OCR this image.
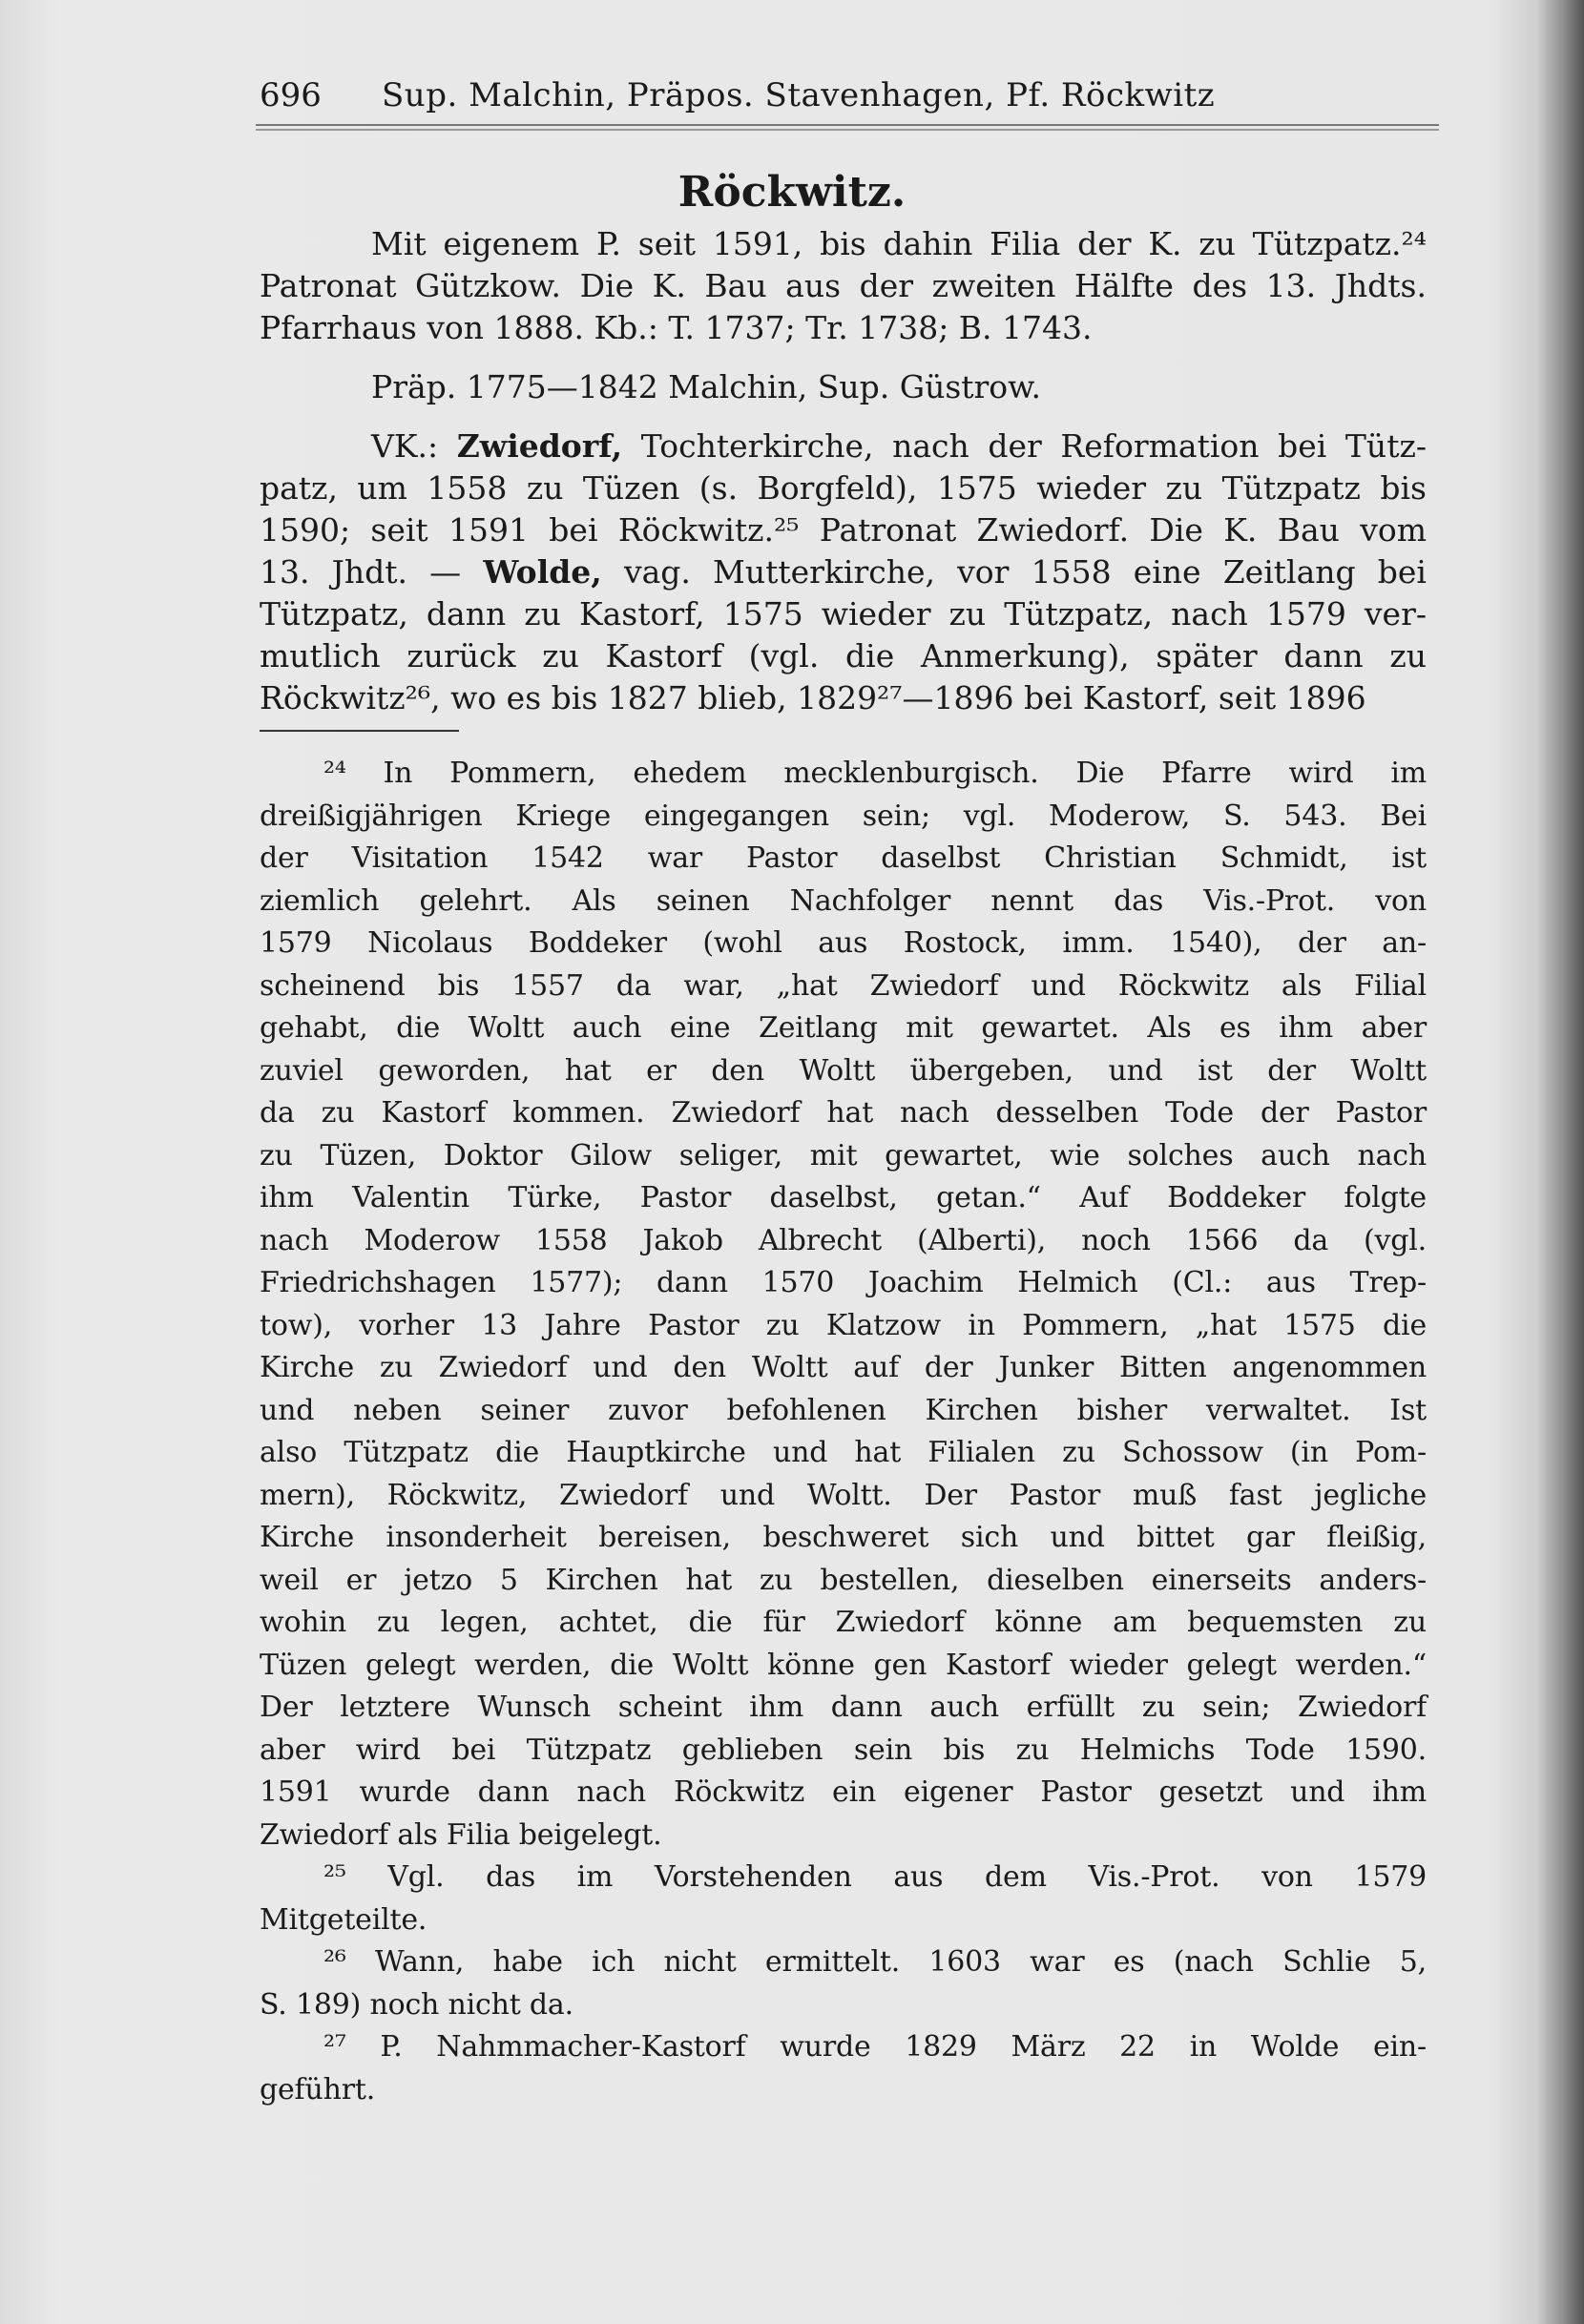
696 Sup. Malchin, Präpos. Stavenhagen, Pf. Röckwitz
Röckwitz.
Mit eigenem P. seit 1591, bis dahin Filia der K. zu Tützpatz.²⁴
Patronat Gützkow. Die K. Bau aus der zweiten Hälfte des 13. Jhdts.
Pfarrhaus von 1888. Kb.: T. 1737; Tr. 1738; B. 1743.
Präp. 1775—1842 Malchin, Sup. Güstrow.
VK.: Zwiedorf, Tochterkirche, nach der Reformation bei Tütz-
patz, um 1558 zu Tüzen (s. Borgfeld), 1575 wieder zu Tützpatz bis
1590; seit 1591 bei Röckwitz.²⁵ Patronat Zwiedorf. Die K. Bau vom
13. Jhdt. — Wolde, vag. Mutterkirche, vor 1558 eine Zeitlang bei
Tützpatz, dann zu Kastorf, 1575 wieder zu Tützpatz, nach 1579 ver-
mutlich zurück zu Kastorf (vgl. die Anmerkung), später dann zu
Röckwitz²⁶, wo es bis 1827 blieb, 1829²⁷—1896 bei Kastorf, seit 1896
²⁴ In Pommern, ehedem mecklenburgisch. Die Pfarre wird im
dreißigjährigen Kriege eingegangen sein; vgl. Moderow, S. 543. Bei
der Visitation 1542 war Pastor daselbst Christian Schmidt, ist
ziemlich gelehrt. Als seinen Nachfolger nennt das Vis.-Prot. von
1579 Nicolaus Boddeker (wohl aus Rostock, imm. 1540), der an-
scheinend bis 1557 da war, „hat Zwiedorf und Röckwitz als Filial
gehabt, die Woltt auch eine Zeitlang mit gewartet. Als es ihm aber
zuviel geworden, hat er den Woltt übergeben, und ist der Woltt
da zu Kastorf kommen. Zwiedorf hat nach desselben Tode der Pastor
zu Tüzen, Doktor Gilow seliger, mit gewartet, wie solches auch nach
ihm Valentin Türke, Pastor daselbst, getan.“ Auf Boddeker folgte
nach Moderow 1558 Jakob Albrecht (Alberti), noch 1566 da (vgl.
Friedrichshagen 1577); dann 1570 Joachim Helmich (Cl.: aus Trep-
tow), vorher 13 Jahre Pastor zu Klatzow in Pommern, „hat 1575 die
Kirche zu Zwiedorf und den Woltt auf der Junker Bitten angenommen
und neben seiner zuvor befohlenen Kirchen bisher verwaltet. Ist
also Tützpatz die Hauptkirche und hat Filialen zu Schossow (in Pom-
mern), Röckwitz, Zwiedorf und Woltt. Der Pastor muß fast jegliche
Kirche insonderheit bereisen, beschweret sich und bittet gar fleißig,
weil er jetzo 5 Kirchen hat zu bestellen, dieselben einerseits anders-
wohin zu legen, achtet, die für Zwiedorf könne am bequemsten zu
Tüzen gelegt werden, die Woltt könne gen Kastorf wieder gelegt werden.“
Der letztere Wunsch scheint ihm dann auch erfüllt zu sein; Zwiedorf
aber wird bei Tützpatz geblieben sein bis zu Helmichs Tode 1590.
1591 wurde dann nach Röckwitz ein eigener Pastor gesetzt und ihm
Zwiedorf als Filia beigelegt.
²⁵ Vgl. das im Vorstehenden aus dem Vis.-Prot. von 1579
Mitgeteilte.
²⁶ Wann, habe ich nicht ermittelt. 1603 war es (nach Schlie 5,
S. 189) noch nicht da.
²⁷ P. Nahmmacher-Kastorf wurde 1829 März 22 in Wolde ein-
geführt.
